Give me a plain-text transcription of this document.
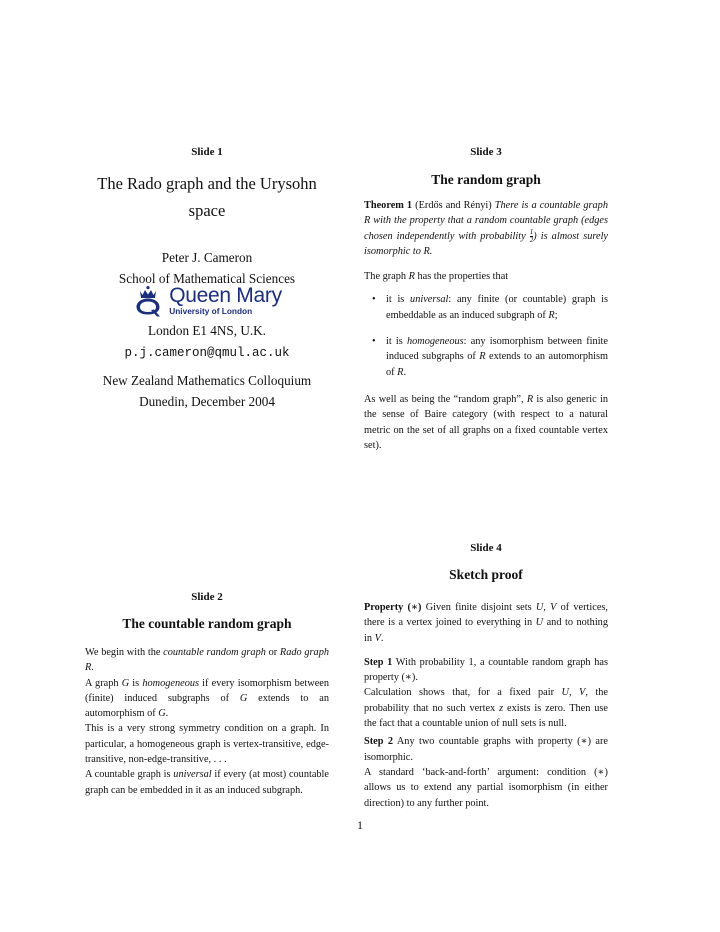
Slide 1
The Rado graph and the Urysohn
space
Peter J. Cameron
School of Mathematical Sciences
Queen Mary
University of London
London E1 4NS, U.K.
p.j.cameron@qmul.ac.uk
New Zealand Mathematics Colloquium
Dunedin, December 2004
Slide 2
The countable random graph

We begin with the countable random graph or Rado graph R.

A graph G is homogeneous if every isomorphism between (finite) induced subgraphs of G extends to an automorphism of G.

This is a very strong symmetry condition on a graph. In particular, a homogeneous graph is vertex-transitive, edge-transitive, non-edge-transitive, . . .

A countable graph is universal if every (at most) countable graph can be embedded in it as an induced subgraph.

Slide 3
The random graph

Theorem 1 (Erdős and Rényi) There is a countable graph R with the property that a random countable graph (edges chosen independently with probability $\frac{1}{2}$ ) is almost surely isomorphic to R.

The graph R has the properties that

• it is universal: any finite (or countable) graph is embeddable as an induced subgraph of R;
• it is homogeneous: any isomorphism between finite induced subgraphs of R extends to an automorphism of R.

As well as being the “random graph”, R is also generic in the sense of Baire category (with respect to a natural metric on the set of all graphs on a fixed countable vertex set).

Slide 4
Sketch proof

Property (∗) Given finite disjoint sets U, V of vertices, there is a vertex joined to everything in U and to nothing in V.

Step 1 With probability 1, a countable random graph has property (∗).

Calculation shows that, for a fixed pair U, V, the probability that no such vertex z exists is zero. Then use the fact that a countable union of null sets is null.

Step 2 Any two countable graphs with property (∗) are isomorphic.

A standard ‘back-and-forth’ argument: condition (∗) allows us to extend any partial isomorphism (in either direction) to any further point.

1
